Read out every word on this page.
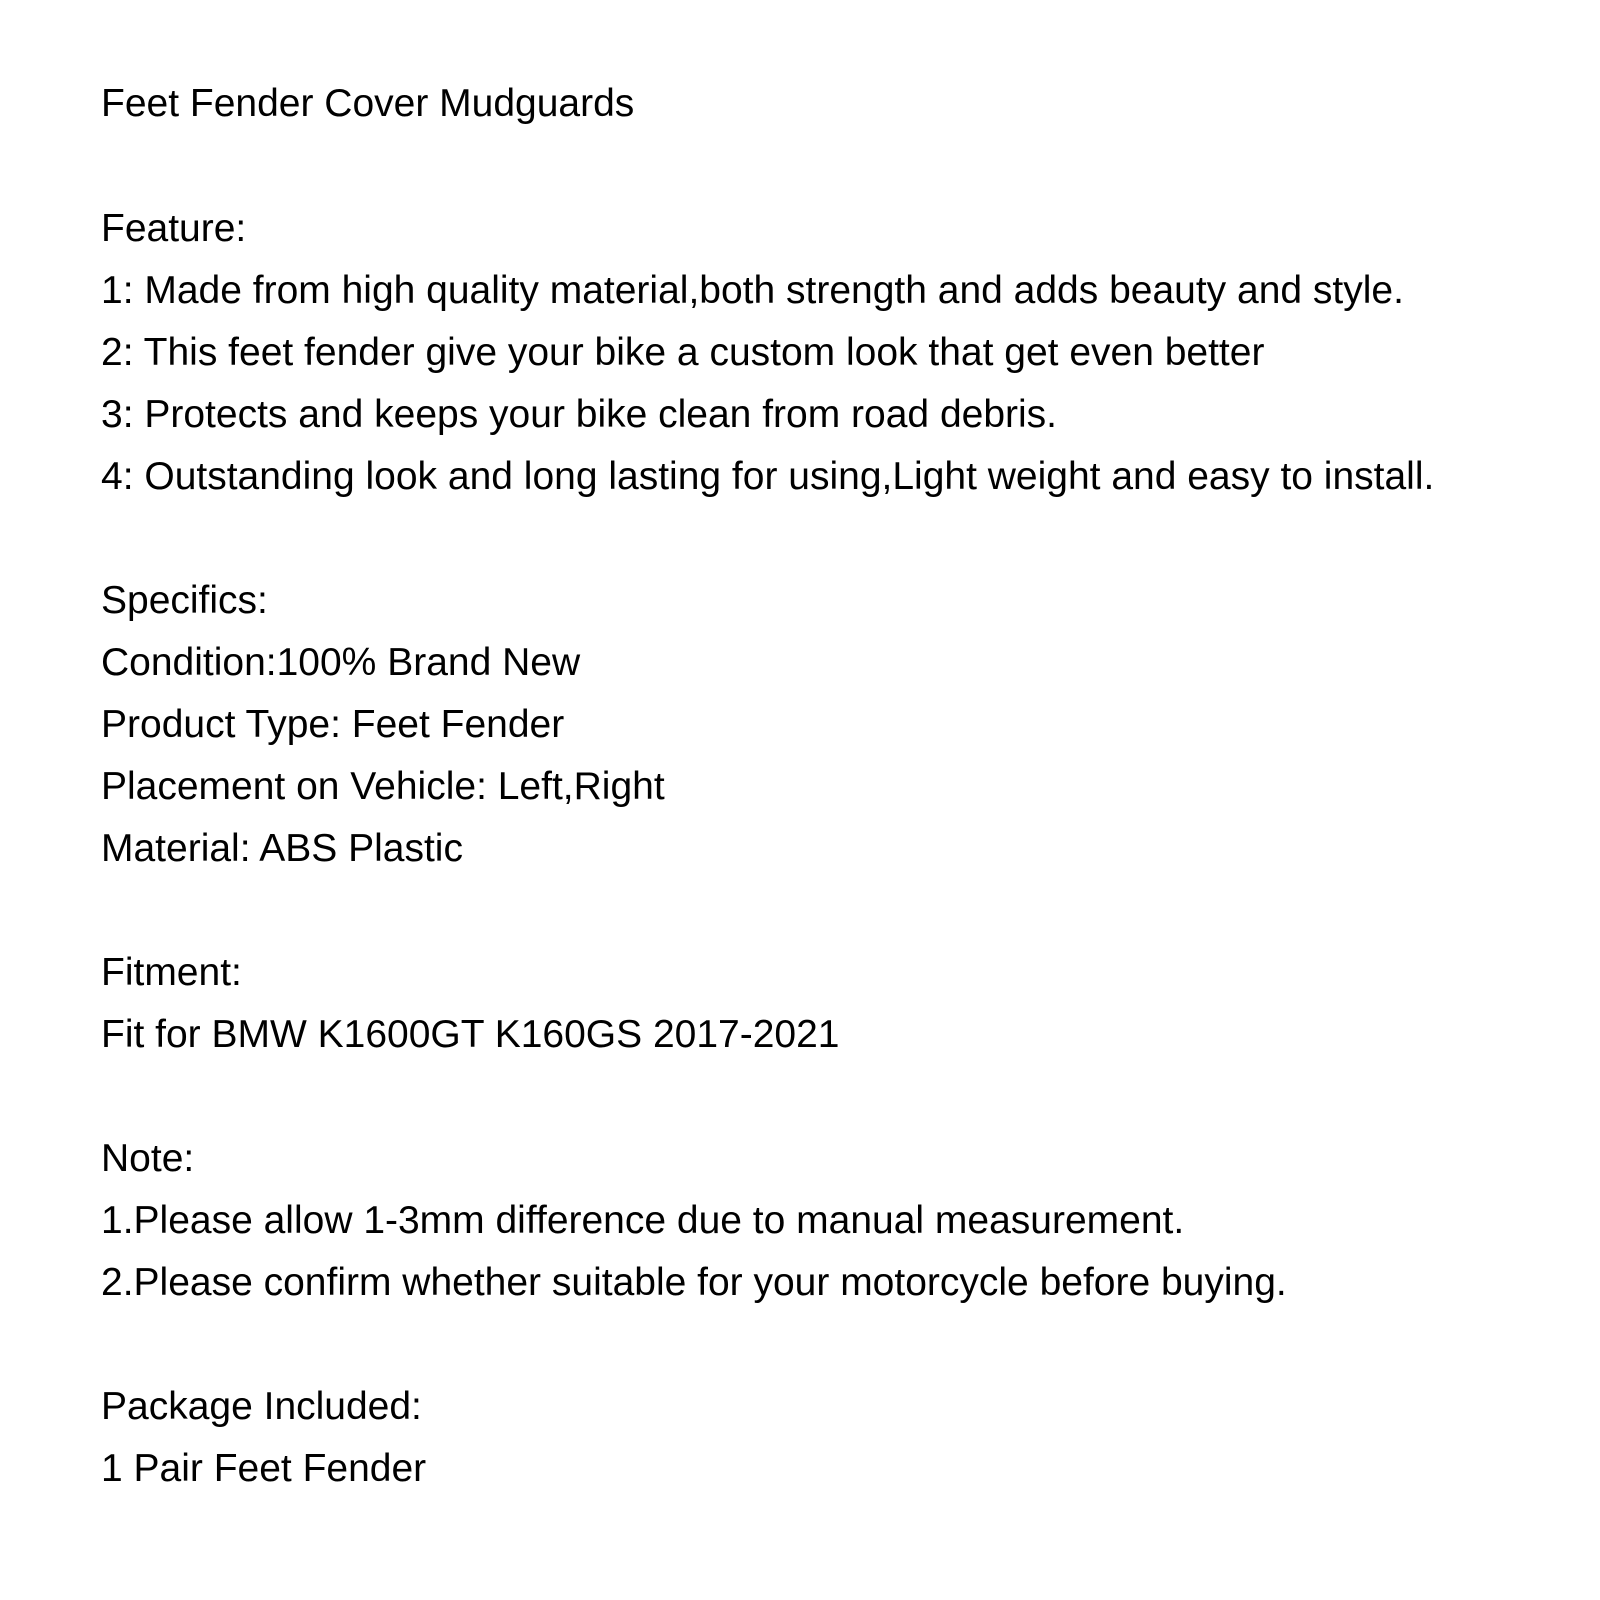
Feet Fender Cover Mudguards
Feature:
1: Made from high quality material,both strength and adds beauty and style.
2: This feet fender give your bike a custom look that get even better
3: Protects and keeps your bike clean from road debris.
4: Outstanding look and long lasting for using,Light weight and easy to install.
Specifics:
Condition:100% Brand New
Product Type: Feet Fender
Placement on Vehicle: Left,Right
Material: ABS Plastic
Fitment:
Fit for BMW K1600GT K160GS 2017-2021
Note:
1.Please allow 1-3mm difference due to manual measurement.
2.Please confirm whether suitable for your motorcycle before buying.
Package Included:
1 Pair Feet Fender
